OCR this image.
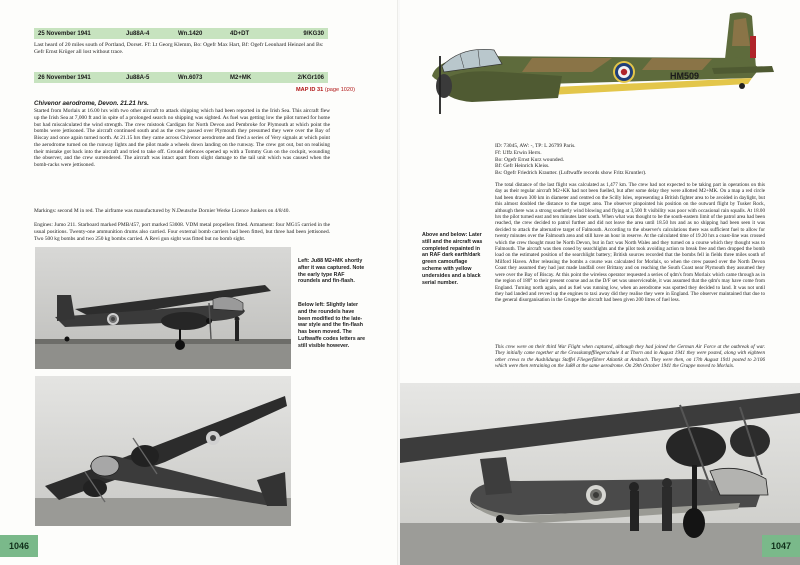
25 November 1941	Ju88A-4	Wn.1420	4D+DT	9/KG30

Last heard of 20 miles south of Portland, Dorset. Ff: Lt Georg Klemm, Bo: Ogefr Max Hart, Bf: Ogefr Leonhard Heinzel and Bs: Gefr Ernst Krüger all lost without trace.

26 November 1941	Ju88A-5	Wn.6073	M2+MK	2/KGr106
MAP ID 31 (page 1020)
Chivenor aerodrome, Devon. 21.21 hrs.

Started from Morlaix at 16.00 hrs with two other aircraft to attack shipping which had been reported in the Irish Sea. This aircraft flew up the Irish Sea at 7,000 ft and in spite of a prolonged search no shipping was sighted. As fuel was getting low the pilot turned for home but had miscalculated the wind strength. The crew mistook Cardigan for North Devon and Pembroke for Plymouth at which point the bombs were jettisoned. The aircraft continued south and as the crew passed over Plymouth they presumed they were over the Bay of Biscay and once again turned north. At 21.15 hrs they came across Chivenor aerodrome and fired a series of Very signals at which point the aerodrome turned on the runway lights and the pilot made a wheels down landing on the runway. The crew got out, but on realising their mistake got back into the aircraft and tried to take off. Ground defences opened up with a Tommy Gun on the cockpit, wounding the observer, and the crew surrendered. The aircraft was intact apart from slight damage to the tail unit which was caused when the bomb-racks were jettisoned.

Markings: second M in red. The airframe was manufactured by N.Deutsche Dornier Werke Licence Junkers on 4/8/40.

Engines: Jumo 211. Starboard marked PMB/457, port marked 53008. VDM metal propellers fitted. Armament: four MG15 carried in the usual positions. Twenty-one ammunition drums also carried. Four external bomb carriers had been fitted, but three had been jettisoned. Two 500 kg bombs and two 250 kg bombs carried. A Revi gun sight was fitted but no bomb sight.

Left: Ju88 M2+MK shortly after it was captured. Note the early type RAF roundels and fin-flash.

Below left: Slightly later and the roundels have been modified to the late-war style and the fin-flash has been moved. The Luftwaffe codes letters are still visible however.

1046
HM509

ID: 73045, AW: -, TP: L 26799 Paris.

Ff: Uffz Erwin Herrs.

Bo: Ogefr Ernst Kurz wounded.

Bf: Gefr Heinrich Kleiss.

Bs: Ogefr Friedrich Krautter. (Luftwaffe records show Fritz Kruntler).

The total distance of the last flight was calculated as 1,477 km. The crew had not expected to be taking part in operations on this day as their regular aircraft M2+KK had not been fuelled, but after some delay they were allotted M2+MK. On a map a red circle had been drawn 300 km in diameter and centred on the Scilly Isles, representing a British fighter area to be avoided in daylight, but this almost doubled the distance to the target area. The observer pinpointed his position on the outward flight by Tusker Rock, although there was a strong southerly wind blowing and flying at 3,500 ft visibility was poor with occasional rain squalls. At 18.00 hrs the pilot turned east and ten minutes later south. When what was thought to be the south-eastern limit of the patrol area had been reached, the crew decided to patrol further and did not leave the area until 18.50 hrs and as no shipping had been seen it was decided to attack the alternative target of Falmouth. According to the observer's calculations there was sufficient fuel to allow for twenty minutes over the Falmouth area and still have an hour in reserve. At the calculated time of 19.20 hrs a coast-line was crossed which the crew thought must be North Devon, but in fact was North Wales and they turned on a course which they thought was to Falmouth. The aircraft was then coned by searchlights and the pilot took avoiding action to break free and then dropped the bomb load on the estimated position of the searchlight battery; British sources recorded that the bombs fell in fields three miles south of Milford Haven. After releasing the bombs a course was calculated for Morlaix, so when the crew passed over the North Devon Coast they assumed they had just made landfall over Brittany and on reaching the South Coast near Plymouth they assumed they were over the Bay of Biscay. At this point the wireless operator requested a series of qdm's from Morlaix which came through as in the region of 180° to their present course and as the D/F set was unserviceable, it was assumed that the qdm's may have come from England. Turning north again, and as fuel was running low, when an aerodrome was spotted they decided to land. It was not until they had landed and revved up the engines to taxi away did they realise they were in England. The observer maintained that due to the general disorganisation in the Gruppe the aircraft had been given 200 litres of fuel less.

This crew were on their third War Flight when captured, although they had joined the German Air Force at the outbreak of war. They initially came together at the Grosskampffliegerschule 4 at Thorn and in August 1941 they were posted, along with eighteen other crews to the Ausbildungs Staffel Fliegerführer Atlantik at Ansbach. They were then, on 17th August 1941 posted to 2/106 which were then retraining on the Ju88 at the same aerodrome. On 29th October 1941 the Gruppe moved to Morlaix.

Above and below: Later still and the aircraft was completed repainted in an RAF dark earth/dark green camouflage scheme with yellow undersides and a black serial number.

1047
